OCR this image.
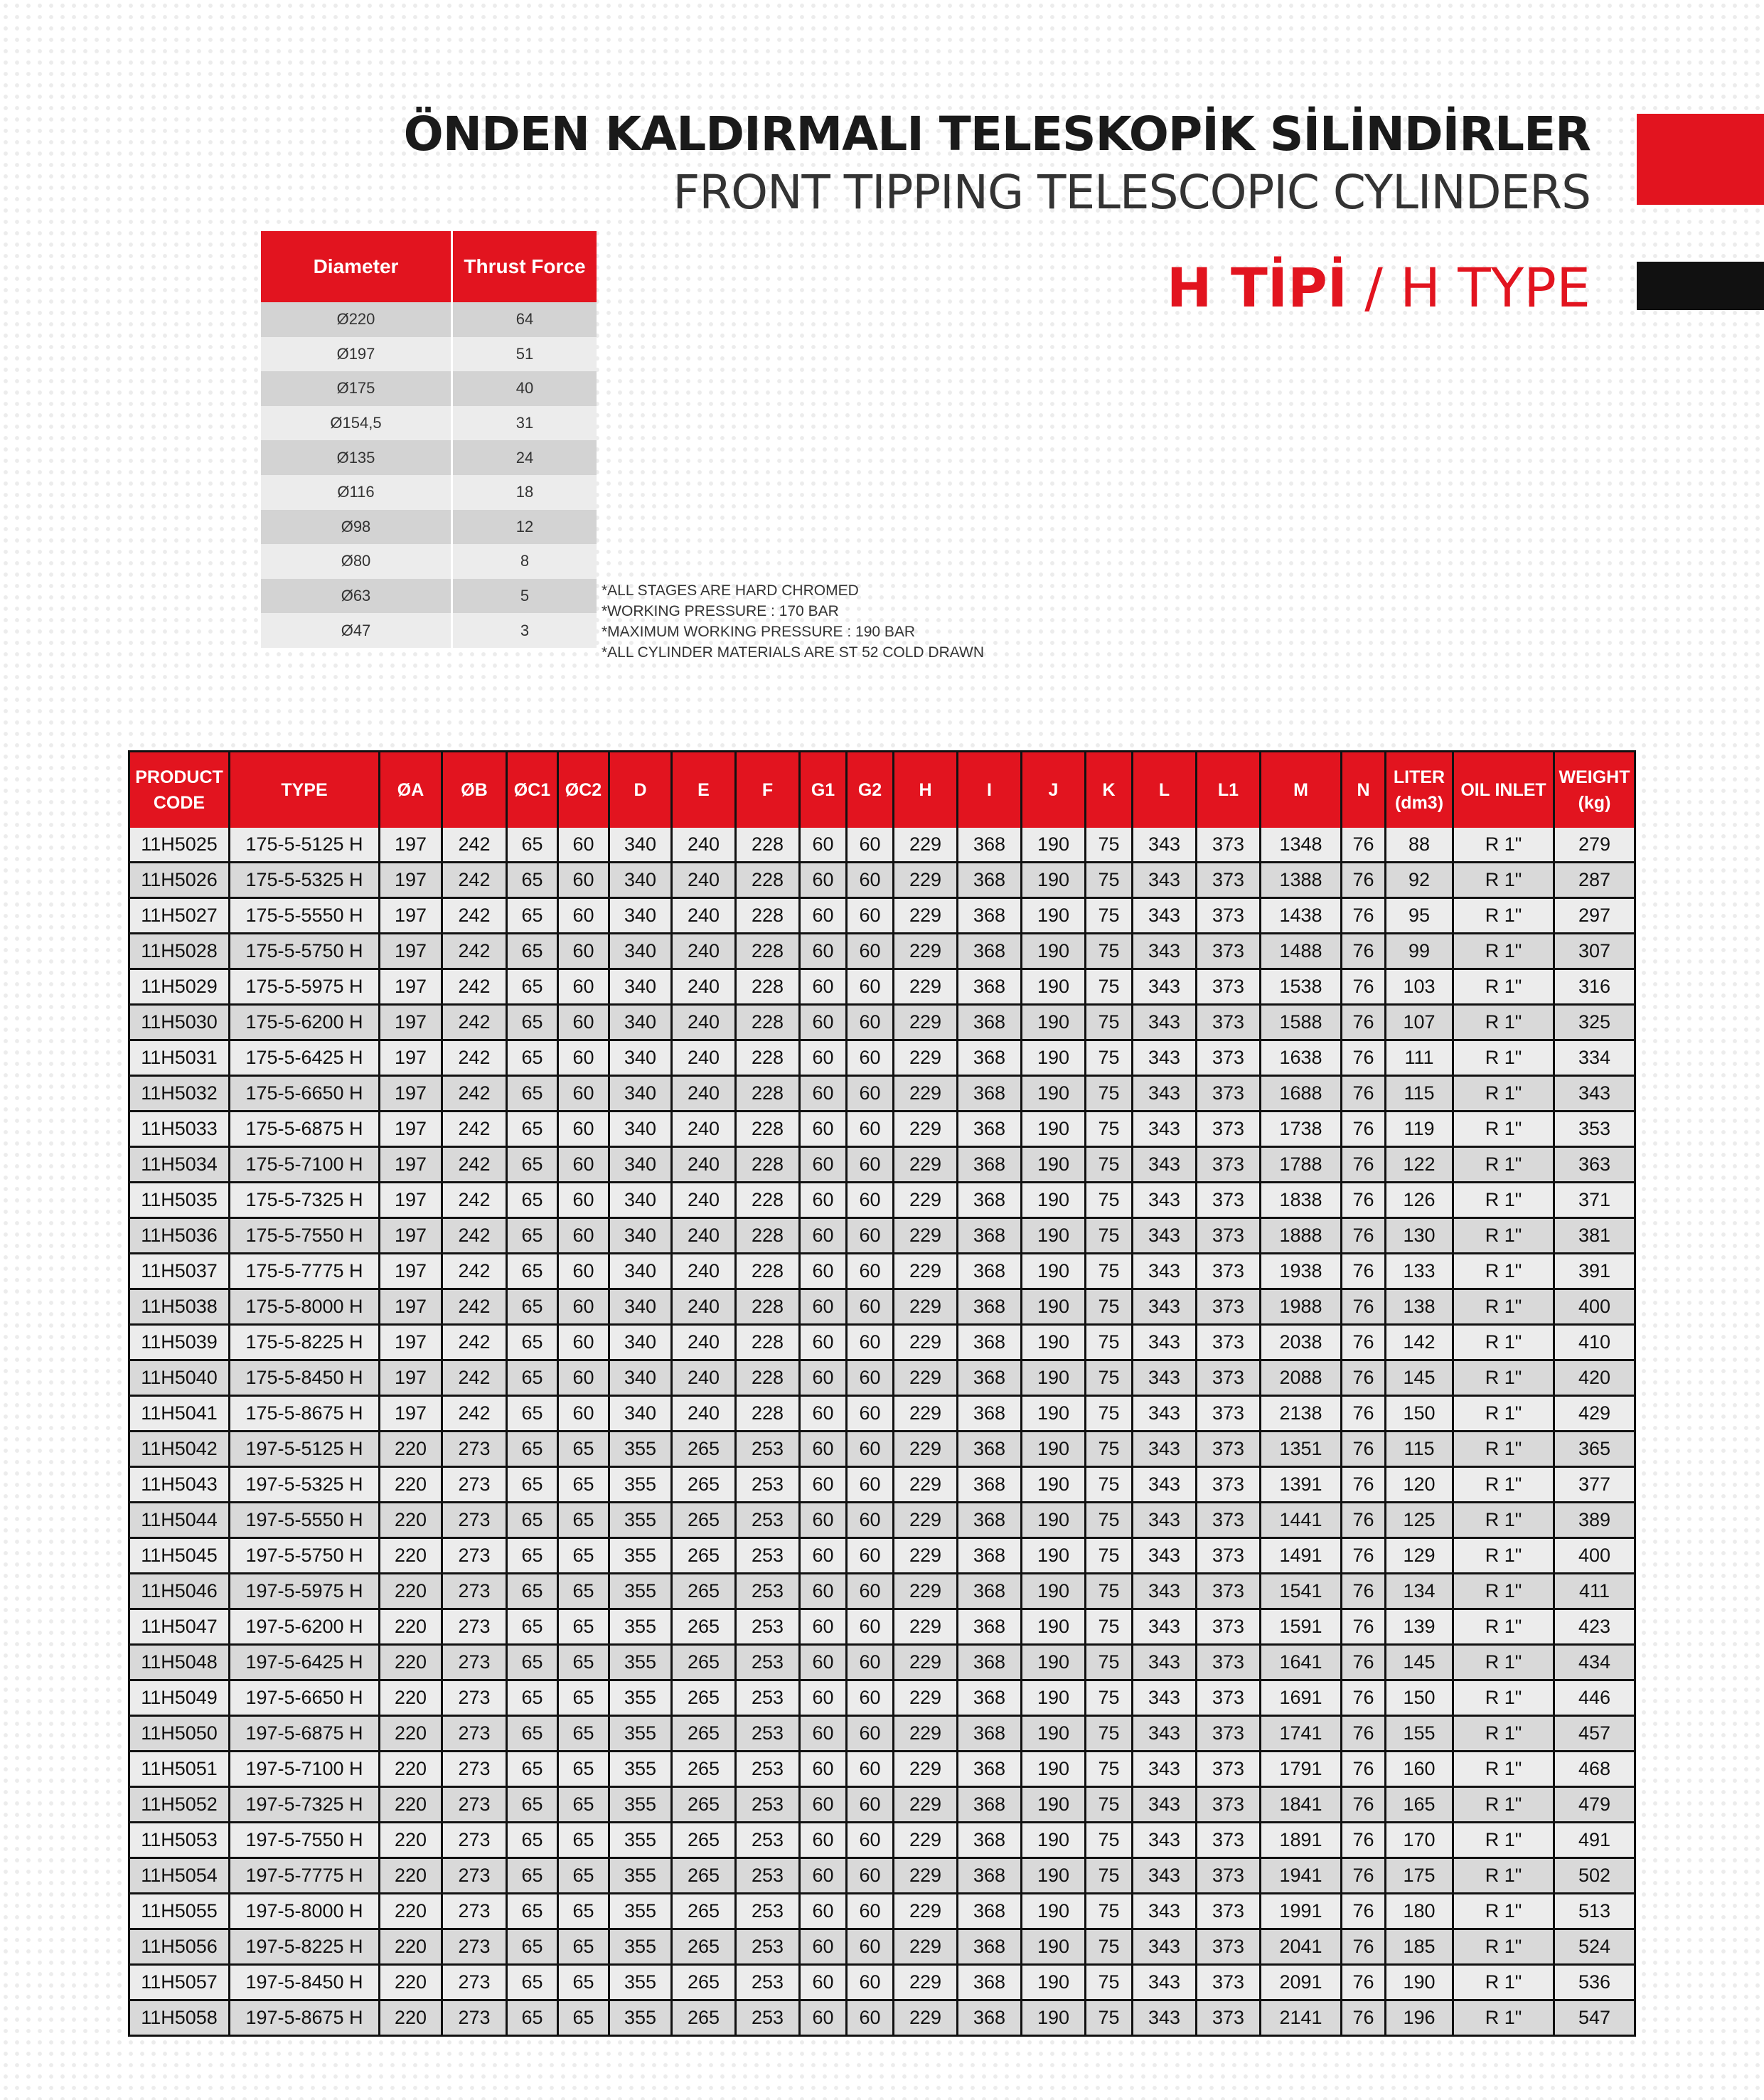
ÖNDEN KALDIRMALI TELESKOPİK SİLİNDİRLER
FRONT TIPPING TELESCOPIC CYLINDERS
H TİPİ / H TYPE
Diameter	Thrust Force
Ø220	64
Ø197	51
Ø175	40
Ø154,5	31
Ø135	24
Ø116	18
Ø98	12
Ø80	8
Ø63	5
Ø47	3
*ALL STAGES ARE HARD CHROMED
*WORKING PRESSURE : 170 BAR
*MAXIMUM WORKING PRESSURE : 190 BAR
*ALL CYLINDER MATERIALS ARE ST 52 COLD DRAWN
PRODUCT CODE	TYPE	ØA	ØB	ØC1	ØC2	D	E	F	G1	G2	H	I	J	K	L	L1	M	N	LITER (dm3)	OIL INLET	WEIGHT (kg)
11H5025	175-5-5125 H	197	242	65	60	340	240	228	60	60	229	368	190	75	343	373	1348	76	88	R 1"	279
11H5026	175-5-5325 H	197	242	65	60	340	240	228	60	60	229	368	190	75	343	373	1388	76	92	R 1"	287
11H5027	175-5-5550 H	197	242	65	60	340	240	228	60	60	229	368	190	75	343	373	1438	76	95	R 1"	297
11H5028	175-5-5750 H	197	242	65	60	340	240	228	60	60	229	368	190	75	343	373	1488	76	99	R 1"	307
11H5029	175-5-5975 H	197	242	65	60	340	240	228	60	60	229	368	190	75	343	373	1538	76	103	R 1"	316
11H5030	175-5-6200 H	197	242	65	60	340	240	228	60	60	229	368	190	75	343	373	1588	76	107	R 1"	325
11H5031	175-5-6425 H	197	242	65	60	340	240	228	60	60	229	368	190	75	343	373	1638	76	111	R 1"	334
11H5032	175-5-6650 H	197	242	65	60	340	240	228	60	60	229	368	190	75	343	373	1688	76	115	R 1"	343
11H5033	175-5-6875 H	197	242	65	60	340	240	228	60	60	229	368	190	75	343	373	1738	76	119	R 1"	353
11H5034	175-5-7100 H	197	242	65	60	340	240	228	60	60	229	368	190	75	343	373	1788	76	122	R 1"	363
11H5035	175-5-7325 H	197	242	65	60	340	240	228	60	60	229	368	190	75	343	373	1838	76	126	R 1"	371
11H5036	175-5-7550 H	197	242	65	60	340	240	228	60	60	229	368	190	75	343	373	1888	76	130	R 1"	381
11H5037	175-5-7775 H	197	242	65	60	340	240	228	60	60	229	368	190	75	343	373	1938	76	133	R 1"	391
11H5038	175-5-8000 H	197	242	65	60	340	240	228	60	60	229	368	190	75	343	373	1988	76	138	R 1"	400
11H5039	175-5-8225 H	197	242	65	60	340	240	228	60	60	229	368	190	75	343	373	2038	76	142	R 1"	410
11H5040	175-5-8450 H	197	242	65	60	340	240	228	60	60	229	368	190	75	343	373	2088	76	145	R 1"	420
11H5041	175-5-8675 H	197	242	65	60	340	240	228	60	60	229	368	190	75	343	373	2138	76	150	R 1"	429
11H5042	197-5-5125 H	220	273	65	65	355	265	253	60	60	229	368	190	75	343	373	1351	76	115	R 1"	365
11H5043	197-5-5325 H	220	273	65	65	355	265	253	60	60	229	368	190	75	343	373	1391	76	120	R 1"	377
11H5044	197-5-5550 H	220	273	65	65	355	265	253	60	60	229	368	190	75	343	373	1441	76	125	R 1"	389
11H5045	197-5-5750 H	220	273	65	65	355	265	253	60	60	229	368	190	75	343	373	1491	76	129	R 1"	400
11H5046	197-5-5975 H	220	273	65	65	355	265	253	60	60	229	368	190	75	343	373	1541	76	134	R 1"	411
11H5047	197-5-6200 H	220	273	65	65	355	265	253	60	60	229	368	190	75	343	373	1591	76	139	R 1"	423
11H5048	197-5-6425 H	220	273	65	65	355	265	253	60	60	229	368	190	75	343	373	1641	76	145	R 1"	434
11H5049	197-5-6650 H	220	273	65	65	355	265	253	60	60	229	368	190	75	343	373	1691	76	150	R 1"	446
11H5050	197-5-6875 H	220	273	65	65	355	265	253	60	60	229	368	190	75	343	373	1741	76	155	R 1"	457
11H5051	197-5-7100 H	220	273	65	65	355	265	253	60	60	229	368	190	75	343	373	1791	76	160	R 1"	468
11H5052	197-5-7325 H	220	273	65	65	355	265	253	60	60	229	368	190	75	343	373	1841	76	165	R 1"	479
11H5053	197-5-7550 H	220	273	65	65	355	265	253	60	60	229	368	190	75	343	373	1891	76	170	R 1"	491
11H5054	197-5-7775 H	220	273	65	65	355	265	253	60	60	229	368	190	75	343	373	1941	76	175	R 1"	502
11H5055	197-5-8000 H	220	273	65	65	355	265	253	60	60	229	368	190	75	343	373	1991	76	180	R 1"	513
11H5056	197-5-8225 H	220	273	65	65	355	265	253	60	60	229	368	190	75	343	373	2041	76	185	R 1"	524
11H5057	197-5-8450 H	220	273	65	65	355	265	253	60	60	229	368	190	75	343	373	2091	76	190	R 1"	536
11H5058	197-5-8675 H	220	273	65	65	355	265	253	60	60	229	368	190	75	343	373	2141	76	196	R 1"	547
